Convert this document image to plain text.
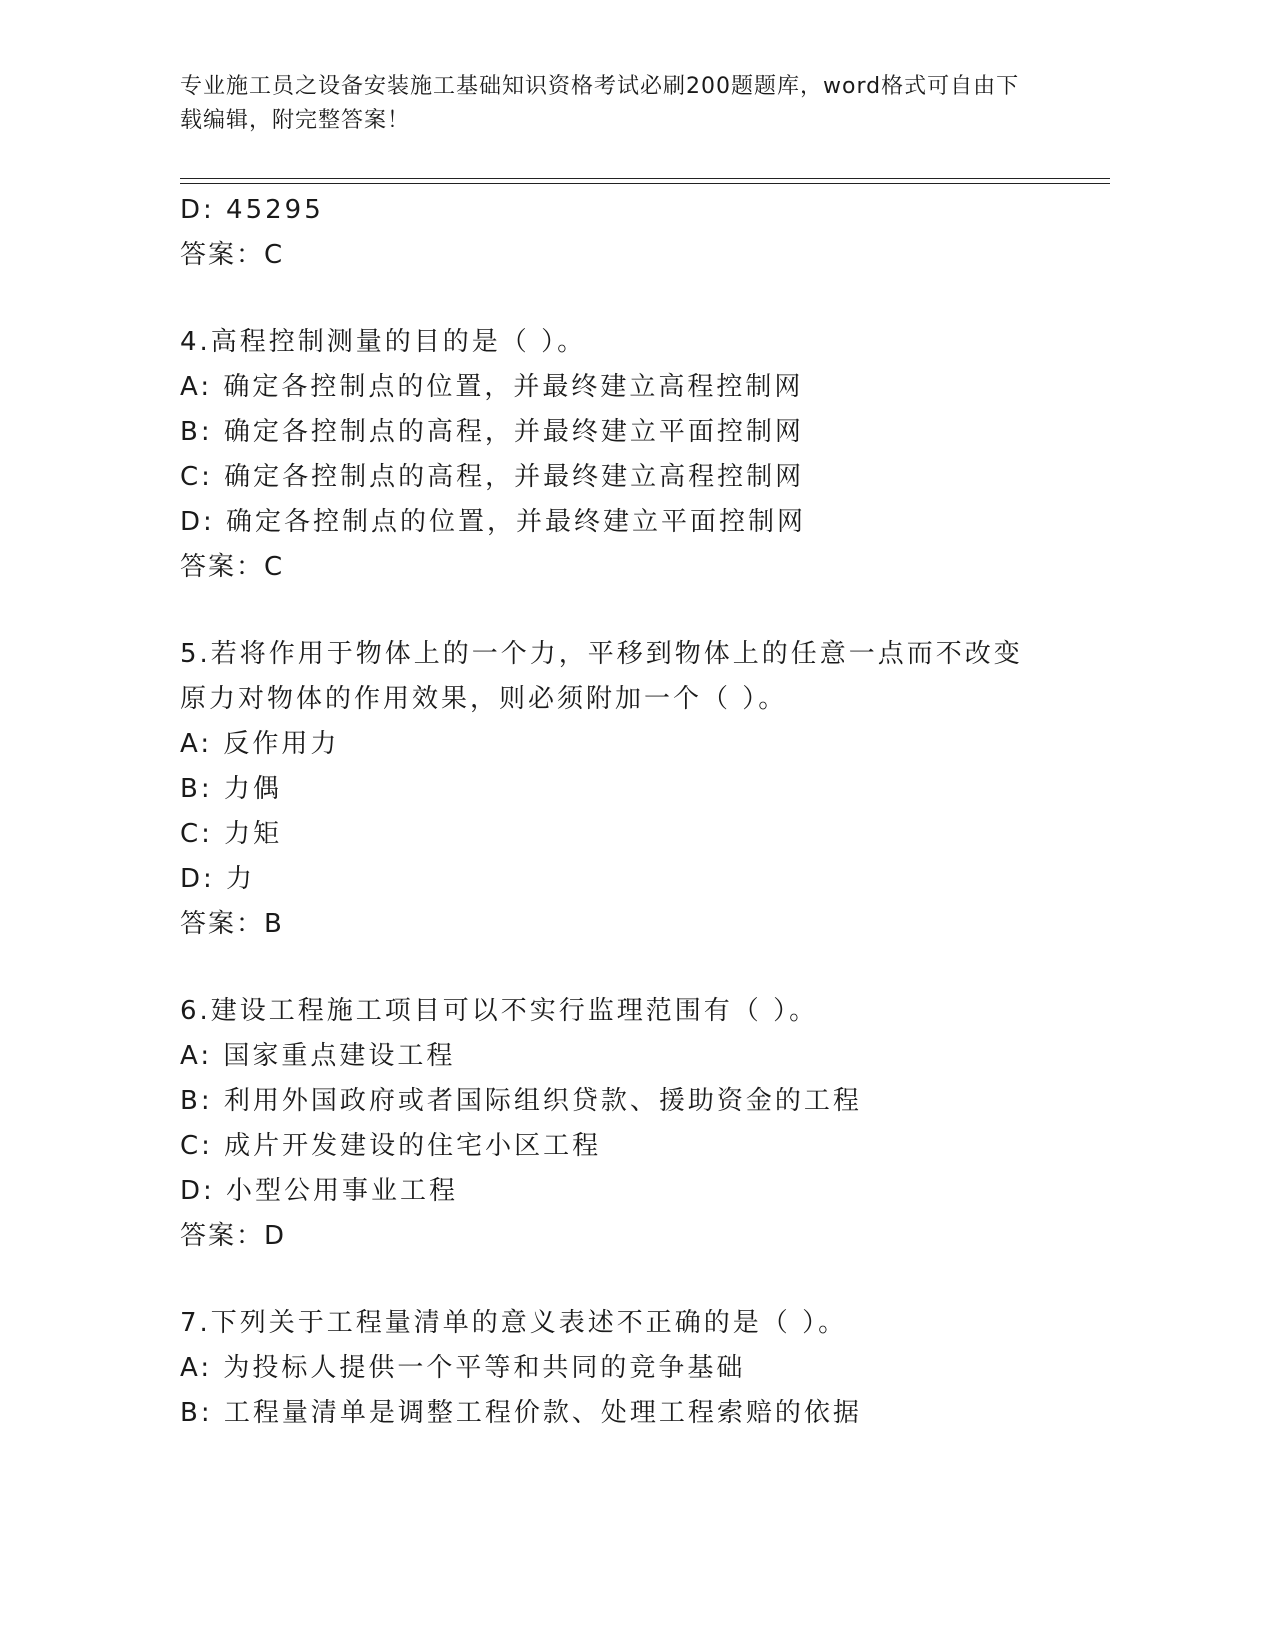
专业施工员之设备安装施工基础知识资格考试必刷200题题库，word格式可自由下载编辑，附完整答案！
D: 45295
答案：C
4.高程控制测量的目的是（ ）。
A: 确定各控制点的位置，并最终建立高程控制网
B: 确定各控制点的高程，并最终建立平面控制网
C: 确定各控制点的高程，并最终建立高程控制网
D: 确定各控制点的位置，并最终建立平面控制网
答案：C
5.若将作用于物体上的一个力，平移到物体上的任意一点而不改变原力对物体的作用效果，则必须附加一个（ ）。
A: 反作用力
B: 力偶
C: 力矩
D: 力
答案：B
6.建设工程施工项目可以不实行监理范围有（ ）。
A: 国家重点建设工程
B: 利用外国政府或者国际组织贷款、援助资金的工程
C: 成片开发建设的住宅小区工程
D: 小型公用事业工程
答案：D
7.下列关于工程量清单的意义表述不正确的是（ ）。
A: 为投标人提供一个平等和共同的竞争基础
B: 工程量清单是调整工程价款、处理工程索赔的依据
